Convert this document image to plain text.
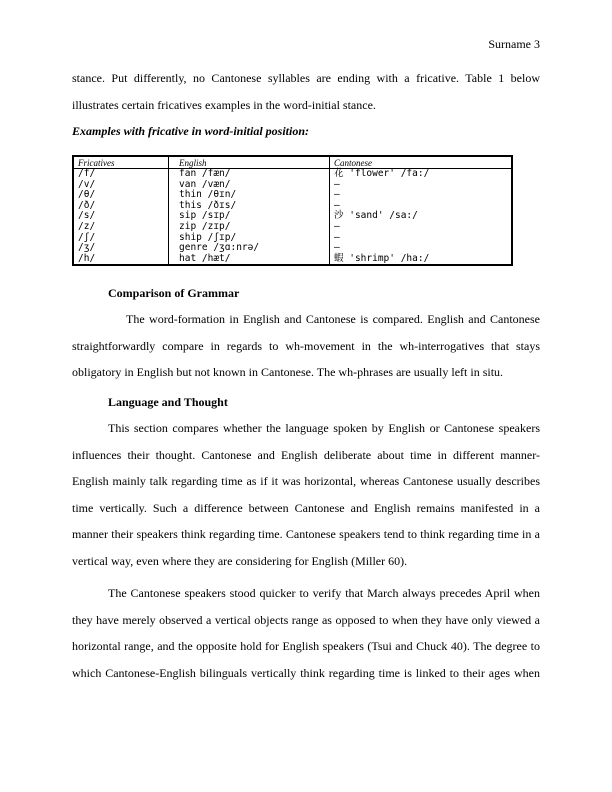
Surname 3
stance. Put differently, no Cantonese syllables are ending with a fricative. Table 1 below
illustrates certain fricatives examples in the word-initial stance.
Examples with fricative in word-initial position:
Fricatives	English	Cantonese
/f/	fan /fæn/	花 'flower' /fa:/
/v/	van /væn/	—
/θ/	thin /θɪn/	—
/ð/	this /ðɪs/	—
/s/	sip /sɪp/	沙 'sand' /sa:/
/z/	zip /zɪp/	—
/ʃ/	ship /ʃɪp/	—
/ʒ/	genre /ʒɑ:nrə/	—
/h/	hat /hæt/	蝦 'shrimp' /ha:/
Comparison of Grammar
The word-formation in English and Cantonese is compared. English and Cantonese
straightforwardly compare in regards to wh-movement in the wh-interrogatives that stays
obligatory in English but not known in Cantonese. The wh-phrases are usually left in situ.
Language and Thought
This section compares whether the language spoken by English or Cantonese speakers
influences their thought. Cantonese and English deliberate about time in different manner-
English mainly talk regarding time as if it was horizontal, whereas Cantonese usually describes
time vertically. Such a difference between Cantonese and English remains manifested in a
manner their speakers think regarding time. Cantonese speakers tend to think regarding time in a
vertical way, even where they are considering for English (Miller 60).
The Cantonese speakers stood quicker to verify that March always precedes April when
they have merely observed a vertical objects range as opposed to when they have only viewed a
horizontal range, and the opposite hold for English speakers (Tsui and Chuck 40). The degree to
which Cantonese-English bilinguals vertically think regarding time is linked to their ages when
